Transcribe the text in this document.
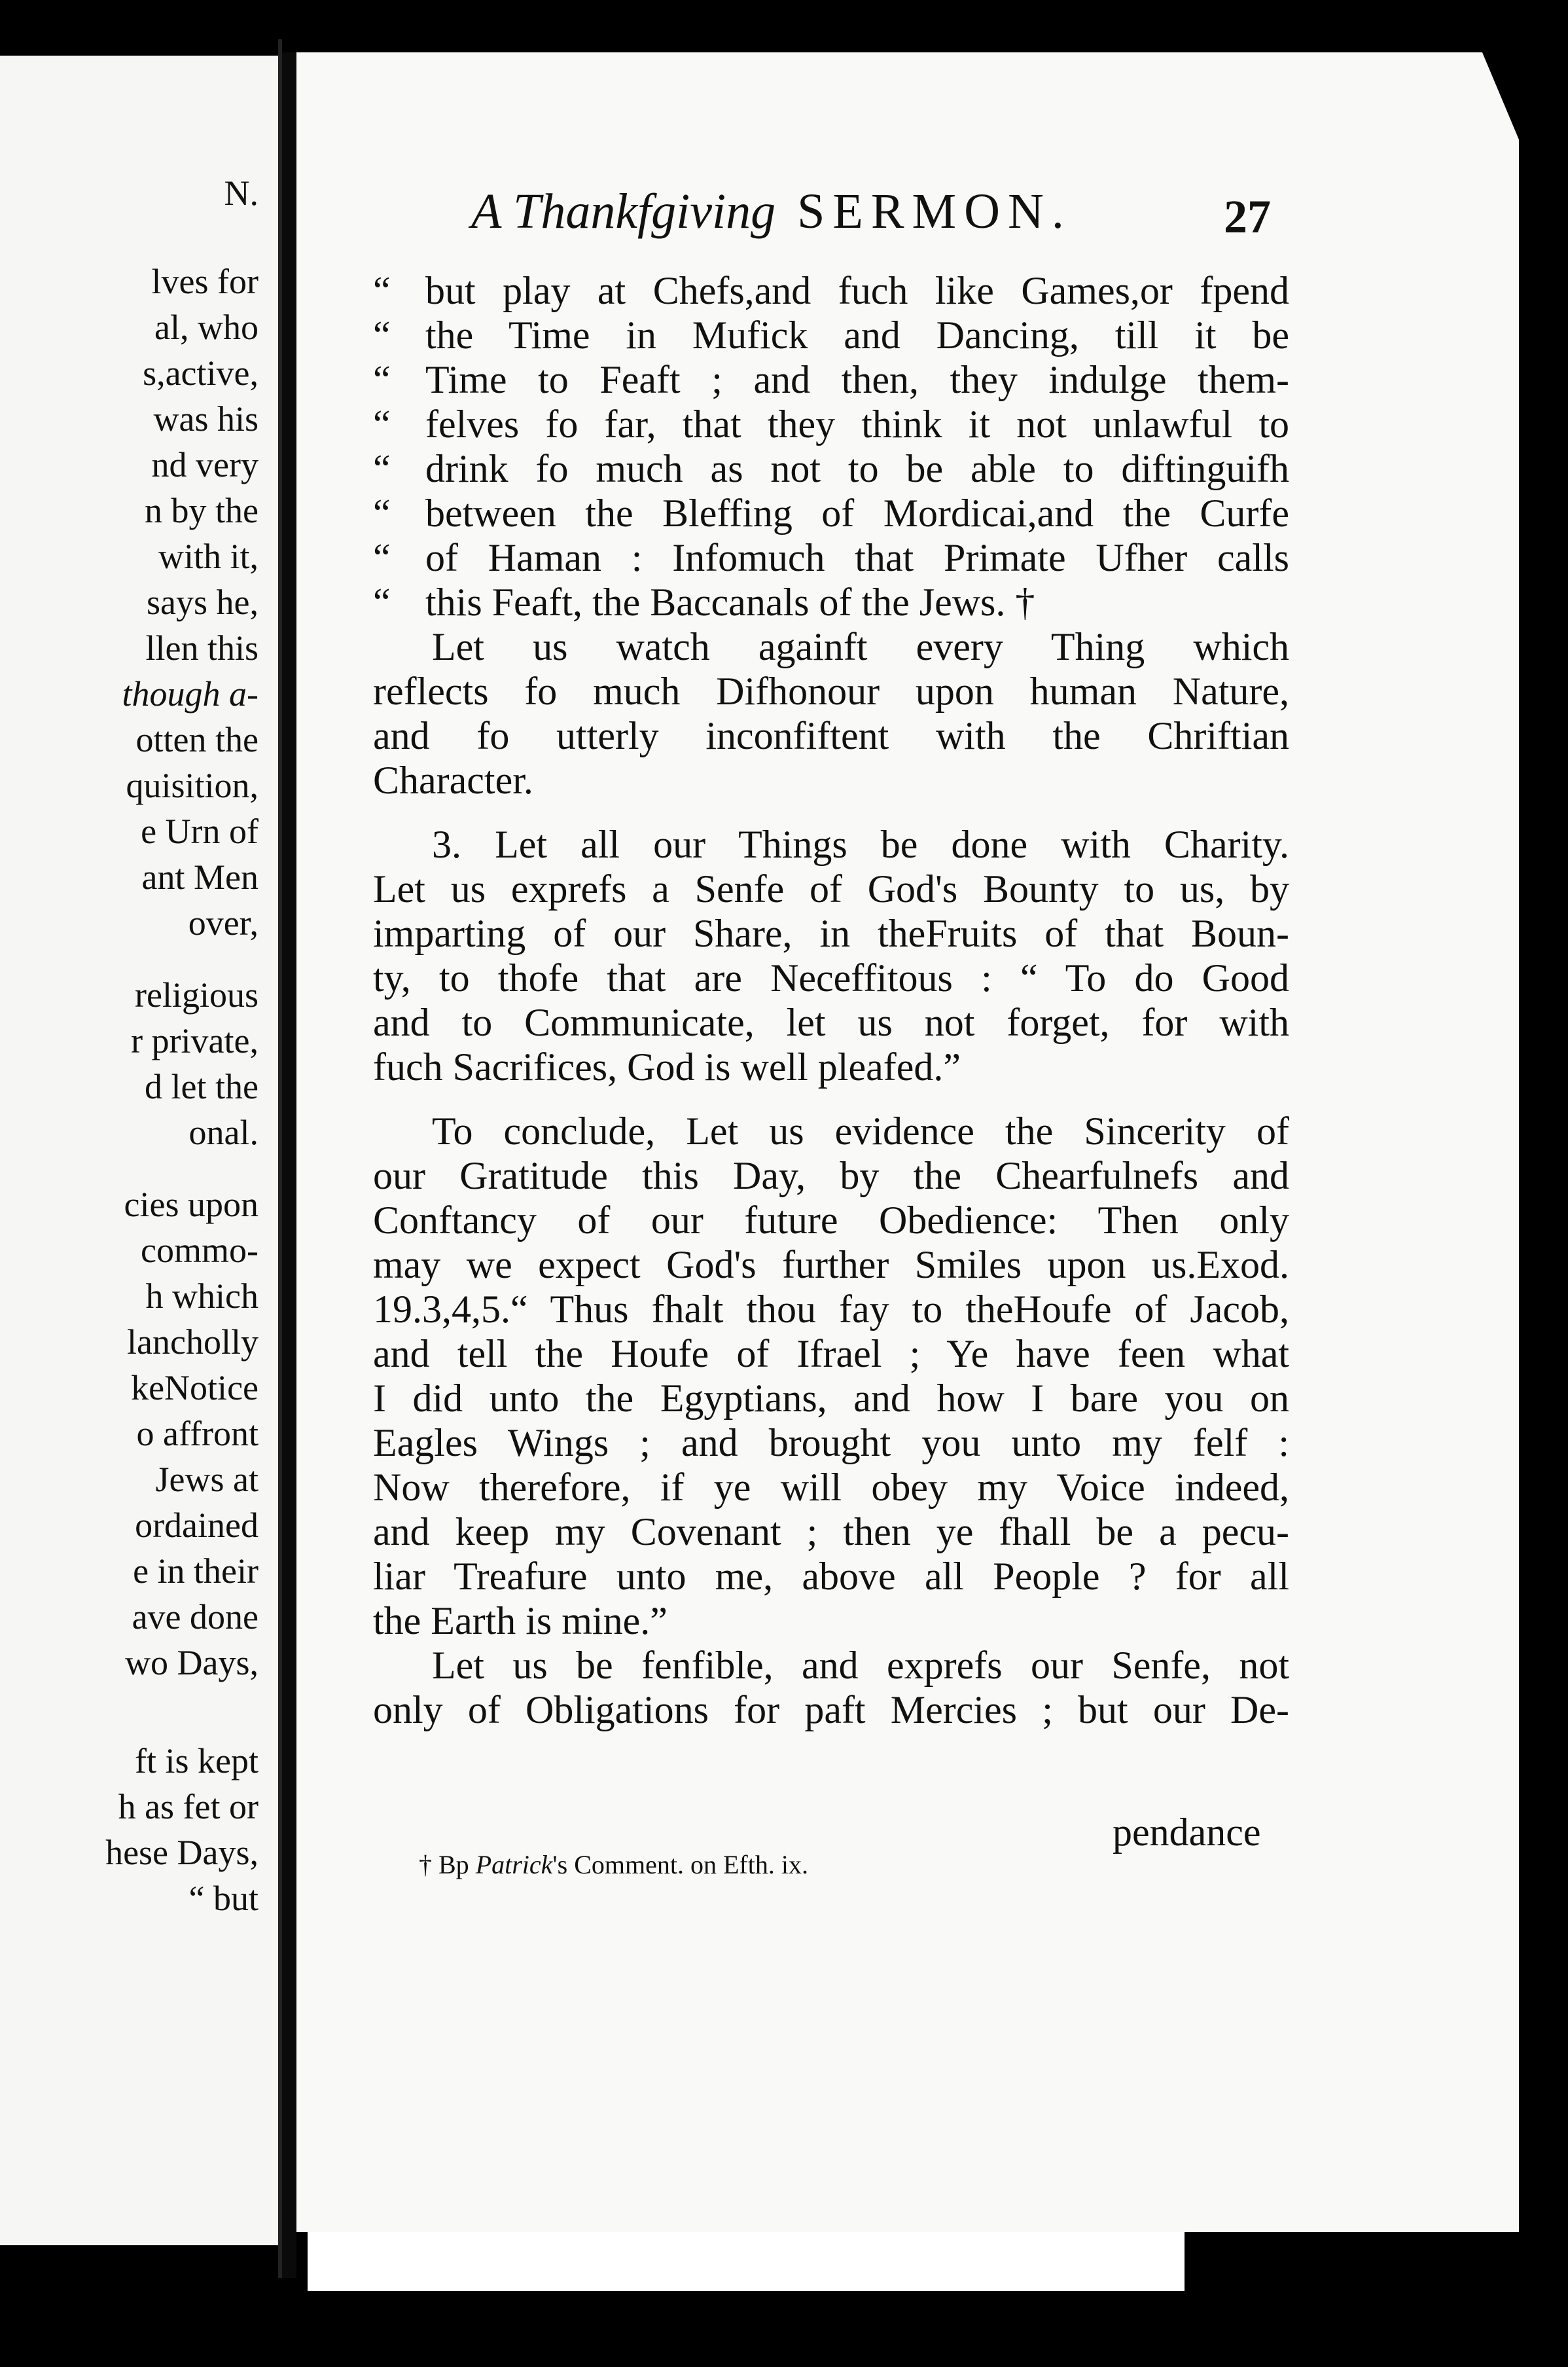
N.
lves for
al, who
s,active,
was his
nd very
n by the
with it,
says he,
llen this
though a-
otten the
quisition,
e Urn of
ant Men
over,
religious
r private,
d let the
onal.
cies upon
commo-
h which
lancholly
keNotice
o affront
Jews at
ordained
e in their
ave done
wo Days,
ft is kept
h as fet or
hese Days,
“ but
A Thankfgiving SERMON.	27
“ but play at Chefs,and fuch like Games,or fpend
“ the Time in Mufick and Dancing, till it be
“ Time to Feaft ; and then, they indulge them-
“ felves fo far, that they think it not unlawful to
“ drink fo much as not to be able to diftinguifh
“ between the Bleffing of Mordicai,and the Curfe
“ of Haman : Infomuch that Primate Ufher calls
“ this Feaft, the Baccanals of the Jews. †
Let us watch againft every Thing which
reflects fo much Difhonour upon human Nature,
and fo utterly inconfiftent with the Chriftian
Character.
3. Let all our Things be done with Charity.
Let us exprefs a Senfe of God's Bounty to us, by
imparting of our Share, in theFruits of that Boun-
ty, to thofe that are Neceffitous : “ To do Good
and to Communicate, let us not forget, for with
fuch Sacrifices, God is well pleafed.”
To conclude, Let us evidence the Sincerity of
our Gratitude this Day, by the Chearfulnefs and
Conftancy of our future Obedience: Then only
may we expect God's further Smiles upon us.Exod.
19.3,4,5.“ Thus fhalt thou fay to theHoufe of Jacob,
and tell the Houfe of Ifrael ; Ye have feen what
I did unto the Egyptians, and how I bare you on
Eagles Wings ; and brought you unto my felf :
Now therefore, if ye will obey my Voice indeed,
and keep my Covenant ; then ye fhall be a pecu-
liar Treafure unto me, above all People ? for all
the Earth is mine.”
Let us be fenfible, and exprefs our Senfe, not
only of Obligations for paft Mercies ; but our De-
pendance
† Bp Patrick's Comment. on Efth. ix.
